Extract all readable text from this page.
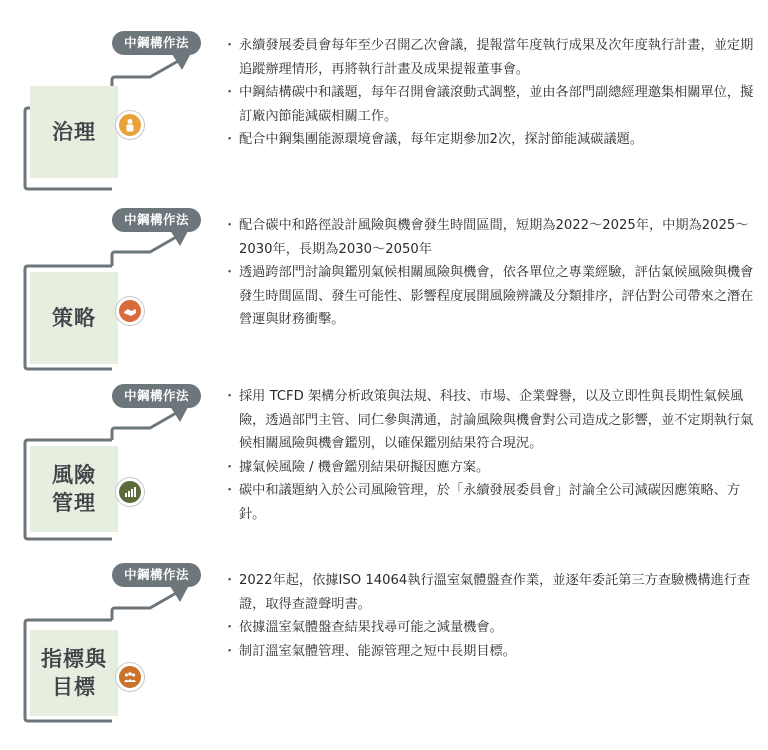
治理
中鋼構作法	・ 永續發展委員會每年至少召開乙次會議，提報當年度執行成果及次年度執行計畫，並定期追蹤辦理情形，再將執行計畫及成果提報董事會。
・ 中鋼結構碳中和議題，每年召開會議滾動式調整，並由各部門副總經理邀集相關單位，擬訂廠內節能減碳相關工作。
・ 配合中鋼集團能源環境會議，每年定期參加2次，探討節能減碳議題。
策略
中鋼構作法	・ 配合碳中和路徑設計風險與機會發生時間區間，短期為2022～2025年，中期為2025～2030年，長期為2030～2050年
・ 透過跨部門討論與鑑別氣候相關風險與機會，依各單位之專業經驗，評估氣候風險與機會發生時間區間、發生可能性、影響程度展開風險辨識及分類排序，評估對公司帶來之潛在營運與財務衝擊。
風險
管理
中鋼構作法	・ 採用 TCFD 架構分析政策與法規、科技、市場、企業聲譽，以及立即性與長期性氣候風險，透過部門主管、同仁參與溝通，討論風險與機會對公司造成之影響，並不定期執行氣候相關風險與機會鑑別，以確保鑑別結果符合現況。
・ 據氣候風險 / 機會鑑別結果研擬因應方案。
・ 碳中和議題納入於公司風險管理，於「永續發展委員會」討論全公司減碳因應策略、方針。
指標與
目標
中鋼構作法	・ 2022年起，依據ISO 14064執行溫室氣體盤查作業，並逐年委託第三方查驗機構進行查證，取得查證聲明書。
・ 依據溫室氣體盤查結果找尋可能之減量機會。
・ 制訂溫室氣體管理、能源管理之短中長期目標。
